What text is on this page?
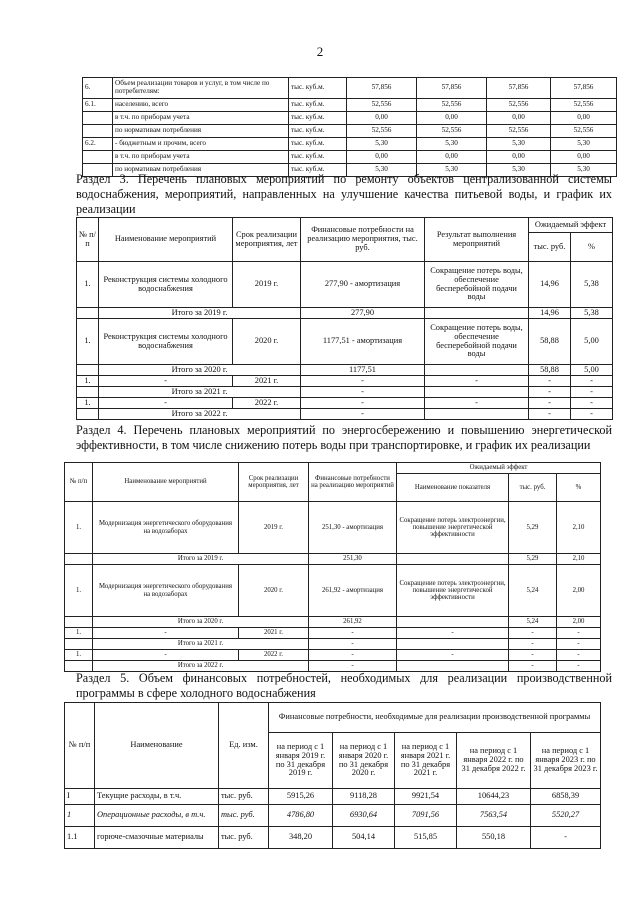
2
6.	Объем реализации товаров и услуг, в том числе по потребителям:	тыс. куб.м.	57,856	57,856	57,856	57,856
6.1.	населению, всего	тыс. куб.м.	52,556	52,556	52,556	52,556
	в т.ч. по приборам учета	тыс. куб.м.	0,00	0,00	0,00	0,00
	по нормативам потребления	тыс. куб.м.	52,556	52,556	52,556	52,556
6.2.	- бюджетным и прочим, всего	тыс. куб.м.	5,30	5,30	5,30	5,30
	в т.ч. по приборам учета	тыс. куб.м.	0,00	0,00	0,00	0,00
	по нормативам потребления	тыс. куб.м.	5,30	5,30	5,30	5,30
Раздел 3. Перечень плановых мероприятий по ремонту объектов централизованной системы водоснабжения, мероприятий, направленных на улучшение качества питьевой воды, и график их реализации
№ п/п	Наименование мероприятий	Срок реализации мероприятия, лет	Финансовые потребности на реализацию мероприятия, тыс. руб.	Результат выполнения мероприятий	Ожидаемый эффект	
					тыс. руб.	%
1.	Реконструкция системы холодного водоснабжения	2019 г.	277,90 - амортизация	Сокращение потерь воды, обеспечение бесперебойной подачи воды	14,96	5,38
	Итого за 2019 г.		277,90		14,96	5,38
1.	Реконструкция системы холодного водоснабжения	2020 г.	1177,51 - амортизация	Сокращение потерь воды, обеспечение бесперебойной подачи воды	58,88	5,00
	Итого за 2020 г.		1177,51		58,88	5,00
1.	-	2021 г.	-	-	-	-
	Итого за 2021 г.		-		-	-
1.	-	2022 г.	-	-	-	-
	Итого за 2022 г.		-		-	-
Раздел 4. Перечень плановых мероприятий по энергосбережению и повышению энергетической эффективности, в том числе снижению потерь воды при транспортировке, и график их реализации
№ п/п	Наименование мероприятий	Срок реализации мероприятия, лет	Финансовые потребности на реализацию мероприятий	Ожидаемый эффект		
				Наименование показателя	тыс. руб.	%
1.	Модернизация энергетического оборудования на водозаборах	2019 г.	251,30 - амортизация	Сокращение потерь электроэнергии, повышение энергетической эффективности	5,29	2,10
	Итого за 2019 г.		251,30		5,29	2,10
1.	Модернизация энергетического оборудования на водозаборах	2020 г.	261,92 - амортизация	Сокращение потерь электроэнергии, повышение энергетической эффективности	5,24	2,00
	Итого за 2020 г.		261,92		5,24	2,00
1.	-	2021 г.	-	-	-	-
	Итого за 2021 г.		-		-	-
1.	-	2022 г.	-	-	-	-
	Итого за 2022 г.		-		-	-
Раздел 5. Объем финансовых потребностей, необходимых для реализации производственной программы в сфере холодного водоснабжения
№ п/п	Наименование	Ед. изм.	Финансовые потребности, необходимые для реализации производственной программы				
			на период с 1 января 2019 г. по 31 декабря 2019 г.	на период с 1 января 2020 г. по 31 декабря 2020 г.	на период с 1 января 2021 г. по 31 декабря 2021 г.	на период с 1 января 2022 г. по 31 декабря 2022 г.	на период с 1 января 2023 г. по 31 декабря 2023 г.
I	Текущие расходы, в т.ч.	тыс. руб.	5915,26	9118,28	9921,54	10644,23	6858,39
1	Операционные расходы, в т.ч.	тыс. руб.	4786,80	6930,64	7091,56	7563,54	5520,27
1.1	горюче-смазочные материалы	тыс. руб.	348,20	504,14	515,85	550,18	-
